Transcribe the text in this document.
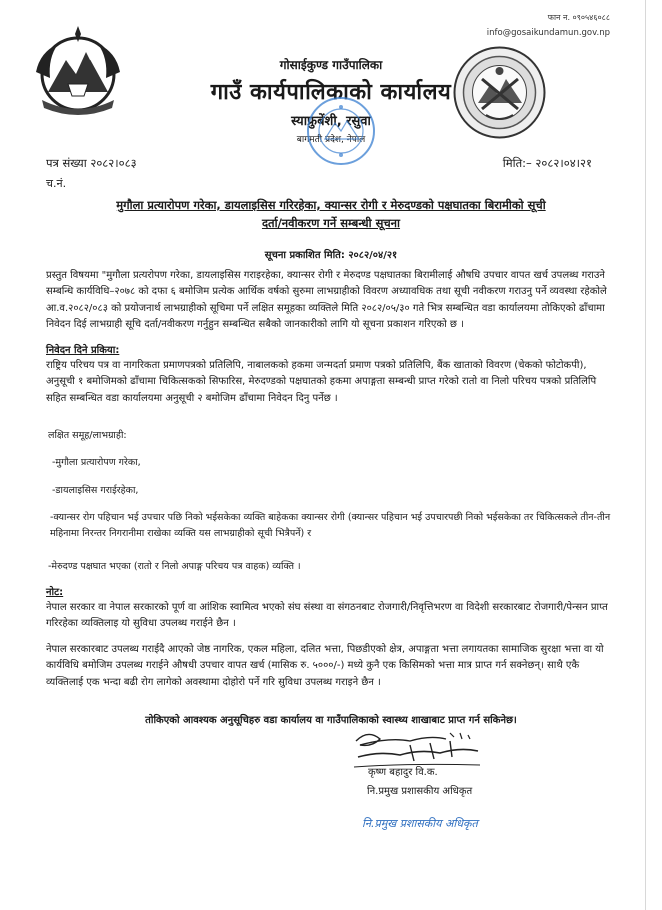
फान न. ०९०५४६०८८
info@gosaikundamun.gov.np
गोसाईकुण्ड गाउँपालिका
गाउँ कार्यपालिकाको कार्यालय
स्याफ्रुबेंशी, रसुवा
बागमती प्रदेश, नेपाल
पत्र संख्या २०८२।०८३
च.नं.
मिति:– २०८२।०४।२१
मुगौला प्रत्यारोपण गरेका, डायलाइसिस गरिरहेका, क्यान्सर रोगी र मेरुदण्डको पक्षघातका बिरामीको सूची
दर्ता/नवीकरण गर्ने सम्बन्धी सूचना
सूचना प्रकाशित मिति: २०८२/०४/२१
प्रस्तुत विषयमा "मुगौला प्रत्यरोपण गरेका, डायलाइसिस गराइरहेका, क्यान्सर रोगी र मेरुदण्ड पक्षघातका बिरामीलाई औषधि उपचार वापत खर्च उपलब्ध गराउने सम्बन्धि कार्यविधि–२०७८ को दफा ६ बमोजिम प्रत्येक आर्थिक वर्षको सुरुमा लाभग्राहीको विवरण अध्यावधिक तथा सूची नवीकरण गराउनु पर्ने व्यवस्था रहेकोले आ.व.२०८२/०८३ को प्रयोजनार्थ लाभग्राहीको सूचिमा पर्ने लक्षित समूहका व्यक्तिले मिति २०८२/०५/३० गते भित्र सम्बन्धित वडा कार्यालयमा तोकिएको ढाँचामा निवेदन दिई लाभग्राही सूचि दर्ता/नवीकरण गर्नुहुन सम्बन्धित सबैको जानकारीको लागि यो सूचना प्रकाशन गरिएको छ ।
निवेदन दिने प्रकिया:
राष्ट्रिय परिचय पत्र वा नागरिकता प्रमाणपत्रको प्रतिलिपि, नाबालकको हकमा जन्मदर्ता प्रमाण पत्रको प्रतिलिपि, बैंक खाताको विवरण (चेकको फोटोकपी), अनुसूची १ बमोजिमको ढाँचामा चिकित्सकको सिफारिस, मेरुदण्डको पक्षघातको हकमा अपाङ्गता सम्बन्धी प्राप्त गरेको रातो वा निलो परिचय पत्रको प्रतिलिपि सहित सम्बन्धित वडा कार्यालयमा अनुसूची २ बमोजिम ढाँचामा निवेदन दिनु पर्नेछ ।
लक्षित समूह/लाभग्राही:
-मुगौला प्रत्यारोपण गरेका,
-डायलाइसिस गराईरहेका,
-क्यान्सर रोग पहिचान भई उपचार पछि निको भईसकेका व्यक्ति बाहेकका क्यान्सर रोगी (क्यान्सर पहिचान भई उपचारपछी निको भईसकेका तर चिकित्सकले तीन-तीन महिनामा निरन्तर निगरानीमा राखेका व्यक्ति यस लाभग्राहीको सूची भित्रैपर्ने) र
-मेरुदण्ड पक्षघात भएका (रातो र निलो अपाङ्ग परिचय पत्र वाहक) व्यक्ति ।
नोट:
नेपाल सरकार वा नेपाल सरकारको पूर्ण वा आंशिक स्वामित्व भएको संघ संस्था वा संगठनबाट रोजगारी/निवृत्तिभरण वा विदेशी सरकारबाट रोजगारी/पेन्सन प्राप्त गरिरहेका व्यक्तिलाइ यो सुविधा उपलब्ध गराईने छैन ।
नेपाल सरकारबाट उपलब्ध गराईदै आएको जेष्ठ नागरिक, एकल महिला, दलित भत्ता, पिछडीएको क्षेत्र, अपाङ्गता भत्ता लगायतका सामाजिक सुरक्षा भत्ता वा यो कार्यविधि बमोजिम उपलब्ध गराईने औषधी उपचार वापत खर्च (मासिक रु. ५०००/-) मध्ये कुनै एक किसिमको भत्ता मात्र प्राप्त गर्न सक्नेछन्। साथै एकै व्यक्तिलाई एक भन्दा बढी रोग लागेको अवस्थामा दोहोरो पर्ने गरि सुविधा उपलब्ध गराइने छैन ।
तोकिएको आवश्यक अनुसूचिहरु वडा कार्यालय वा गाउँपालिकाको स्वास्थ्य शाखाबाट प्राप्त गर्न सकिनेछ।
कृष्ण बहादुर वि.क.
नि.प्रमुख प्रशासकीय अधिकृत
नि.प्रमुख प्रशासकीय अधिकृत
